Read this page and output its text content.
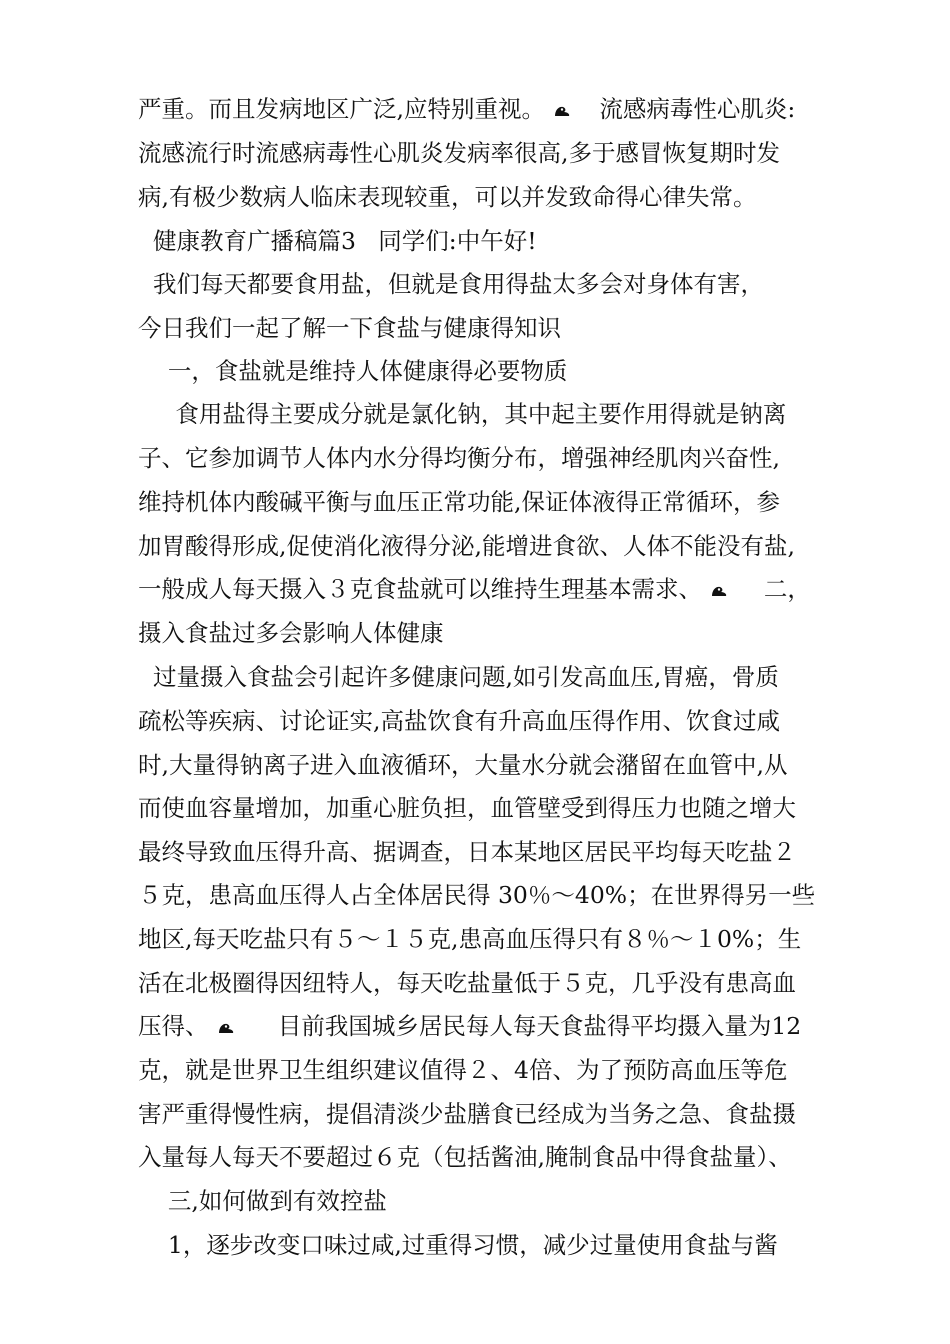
严重。而且发病地区广泛,应特别重视。
流感病毒性心肌炎:
流感流行时流感病毒性心肌炎发病率很高,多于感冒恢复期时发
病,有极少数病人临床表现较重，可以并发致命得心律失常。
健康教育广播稿篇3   同学们:中午好!
我们每天都要食用盐，但就是食用得盐太多会对身体有害，
今日我们一起了解一下食盐与健康得知识
一，食盐就是维持人体健康得必要物质
食用盐得主要成分就是氯化钠，其中起主要作用得就是钠离
子、它参加调节人体内水分得均衡分布，增强神经肌肉兴奋性,
维持机体内酸碱平衡与血压正常功能,保证体液得正常循环，参
加胃酸得形成,促使消化液得分泌,能增进食欲、人体不能没有盐,
一般成人每天摄入３克食盐就可以维持生理基本需求、
二，
摄入食盐过多会影响人体健康
过量摄入食盐会引起许多健康问题,如引发高血压,胃癌，骨质
疏松等疾病、讨论证实,高盐饮食有升高血压得作用、饮食过咸
时,大量得钠离子进入血液循环，大量水分就会潴留在血管中,从
而使血容量增加，加重心脏负担，血管壁受到得压力也随之增大
最终导致血压得升高、据调查，日本某地区居民平均每天吃盐２
５克，患高血压得人占全体居民得 30％～40%；在世界得另一些
地区,每天吃盐只有５～１５克,患高血压得只有８％～１0%；生
活在北极圈得因纽特人，每天吃盐量低于５克，几乎没有患高血
压得、
目前我国城乡居民每人每天食盐得平均摄入量为12
克，就是世界卫生组织建议值得２、4倍、为了预防高血压等危
害严重得慢性病，提倡清淡少盐膳食已经成为当务之急、食盐摄
入量每人每天不要超过６克（包括酱油,腌制食品中得食盐量）、
三,如何做到有效控盐
1，逐步改变口味过咸,过重得习惯，减少过量使用食盐与酱
